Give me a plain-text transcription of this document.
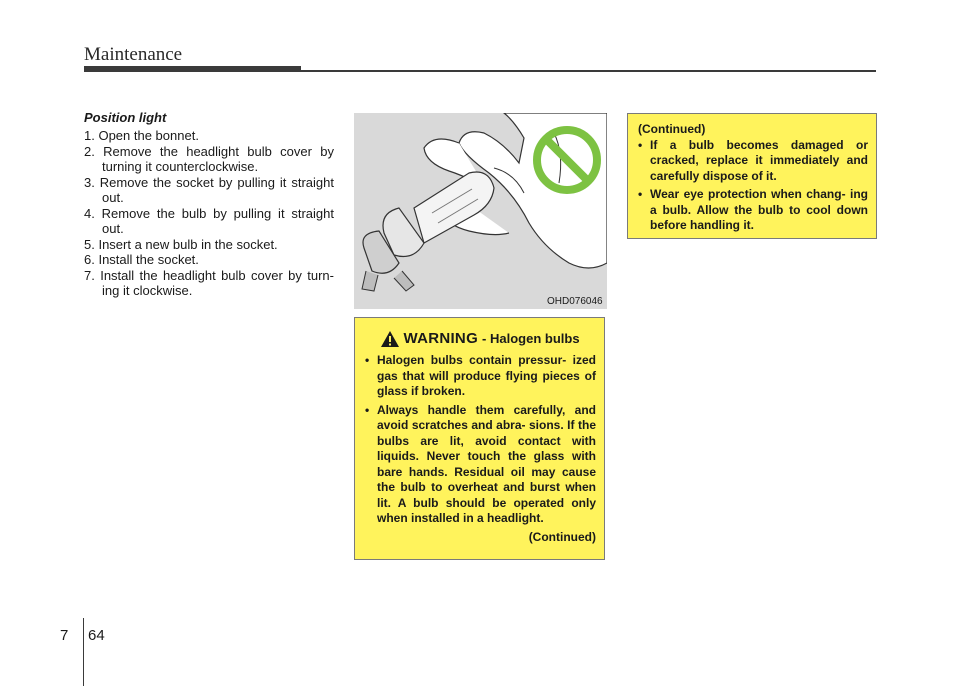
Maintenance
Position light
1. Open the bonnet.
2. Remove the headlight bulb cover by turning it counterclockwise.
3. Remove the socket by pulling it straight out.
4. Remove the bulb by pulling it straight out.
5. Insert a new bulb in the socket.
6. Install the socket.
7. Install the headlight bulb cover by turn- ing it clockwise.
OHD076046
WARNING - Halogen bulbs
• Halogen bulbs contain pressur- ized gas that will produce flying pieces of glass if broken.
• Always handle them carefully, and avoid scratches and abra- sions. If the bulbs are lit, avoid contact with liquids. Never touch the glass with bare hands. Residual oil may cause the bulb to overheat and burst when lit. A bulb should be operated only when installed in a headlight.
(Continued)
(Continued)
• If a bulb becomes damaged or cracked, replace it immediately and carefully dispose of it.
• Wear eye protection when chang- ing a bulb. Allow the bulb to cool down before handling it.
7 64
